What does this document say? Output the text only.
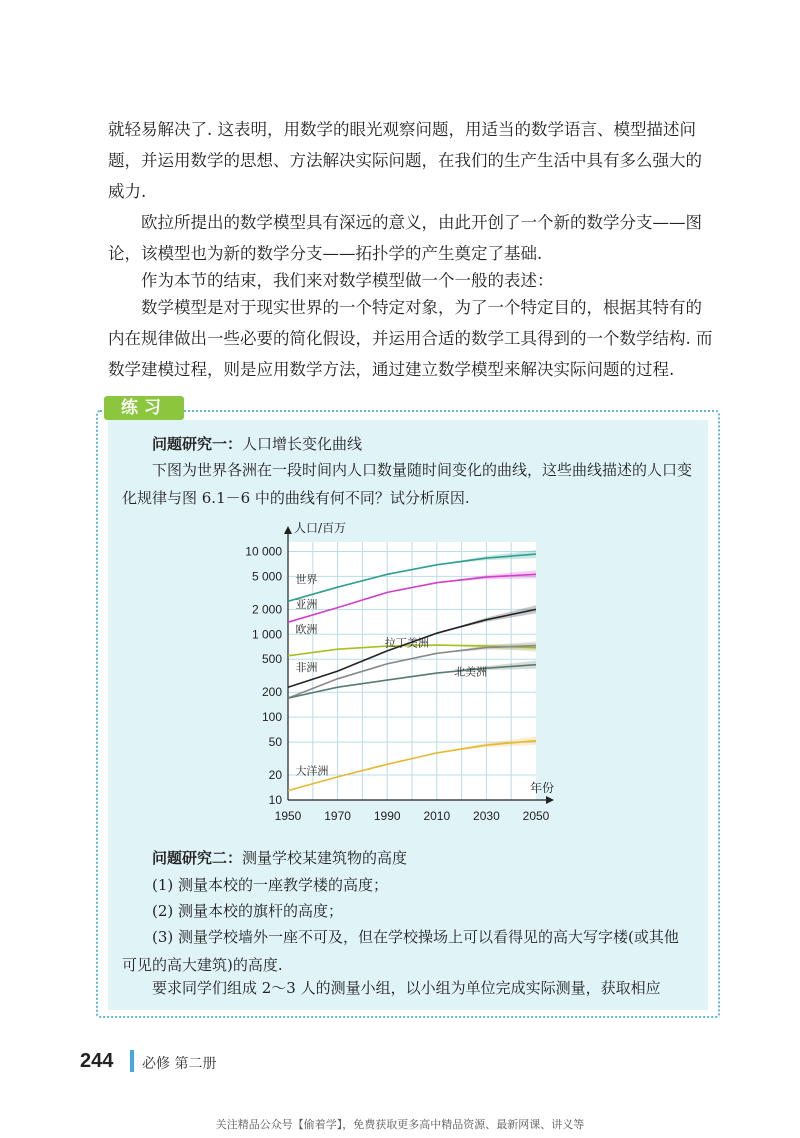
就轻易解决了. 这表明，用数学的眼光观察问题，用适当的数学语言、模型描述问题，并运用数学的思想、方法解决实际问题，在我们的生产生活中具有多么强大的威力.
欧拉所提出的数学模型具有深远的意义，由此开创了一个新的数学分支——图论，该模型也为新的数学分支——拓扑学的产生奠定了基础.
作为本节的结束，我们来对数学模型做一个一般的表述：
数学模型是对于现实世界的一个特定对象，为了一个特定目的，根据其特有的内在规律做出一些必要的简化假设，并运用合适的数学工具得到的一个数学结构. 而数学建模过程，则是应用数学方法，通过建立数学模型来解决实际问题的过程.
练习
问题研究一：人口增长变化曲线
下图为世界各洲在一段时间内人口数量随时间变化的曲线，这些曲线描述的人口变化规律与图 6.1－6 中的曲线有何不同？试分析原因.
10
20
50
100
200
500
1 000
2 000
5 000
10 000
1950 1970 1990 2010 2030 2050
人口/百万
年份
世界
亚洲
欧洲
非洲
拉丁美洲
北美洲
大洋洲
问题研究二：测量学校某建筑物的高度
(1) 测量本校的一座教学楼的高度；
(2) 测量本校的旗杆的高度；
(3) 测量学校墙外一座不可及，但在学校操场上可以看得见的高大写字楼(或其他可见的高大建筑)的高度.
要求同学们组成 2～3 人的测量小组，以小组为单位完成实际测量，获取相应
244 必修 第二册
关注精品公众号【偷着学】，免费获取更多高中精品资源、最新网课、讲义等
